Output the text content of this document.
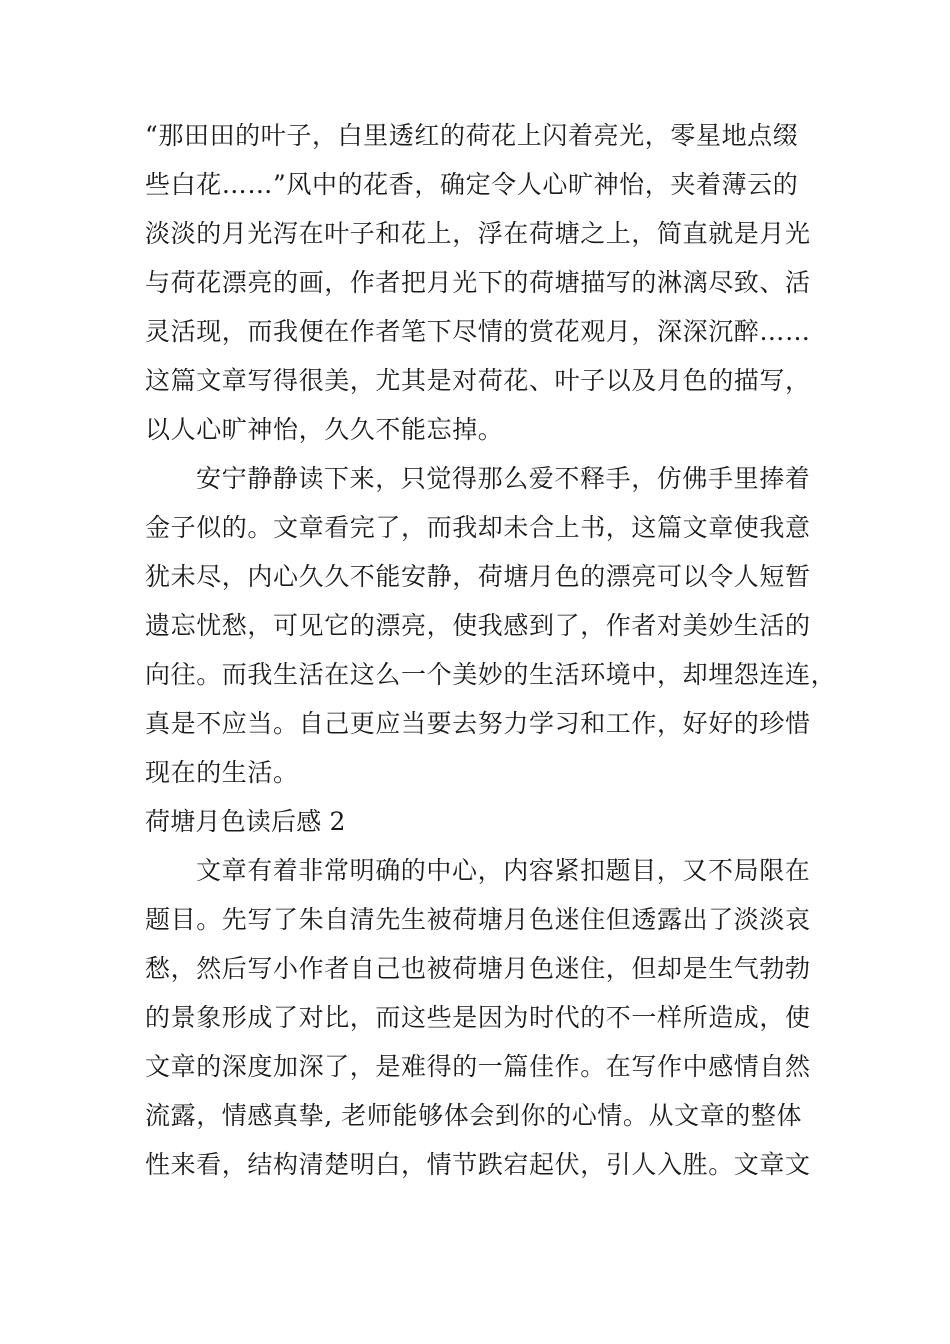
“那田田的叶子，白里透红的荷花上闪着亮光，零星地点缀
些白花……”风中的花香，确定令人心旷神怡，夹着薄云的
淡淡的月光泻在叶子和花上，浮在荷塘之上，简直就是月光
与荷花漂亮的画，作者把月光下的荷塘描写的淋漓尽致、活
灵活现，而我便在作者笔下尽情的赏花观月，深深沉醉……
这篇文章写得很美，尤其是对荷花、叶子以及月色的描写，
以人心旷神怡，久久不能忘掉。
安宁静静读下来，只觉得那么爱不释手，仿佛手里捧着
金子似的。文章看完了，而我却未合上书，这篇文章使我意
犹未尽，内心久久不能安静，荷塘月色的漂亮可以令人短暂
遗忘忧愁，可见它的漂亮，使我感到了，作者对美妙生活的
向往。而我生活在这么一个美妙的生活环境中，却埋怨连连，
真是不应当。自己更应当要去努力学习和工作，好好的珍惜
现在的生活。
荷塘月色读后感 2
文章有着非常明确的中心，内容紧扣题目，又不局限在
题目。先写了朱自清先生被荷塘月色迷住但透露出了淡淡哀
愁，然后写小作者自己也被荷塘月色迷住，但却是生气勃勃
的景象形成了对比，而这些是因为时代的不一样所造成，使
文章的深度加深了，是难得的一篇佳作。在写作中感情自然
流露，情感真挚, 老师能够体会到你的心情。从文章的整体
性来看，结构清楚明白，情节跌宕起伏，引人入胜。文章文
